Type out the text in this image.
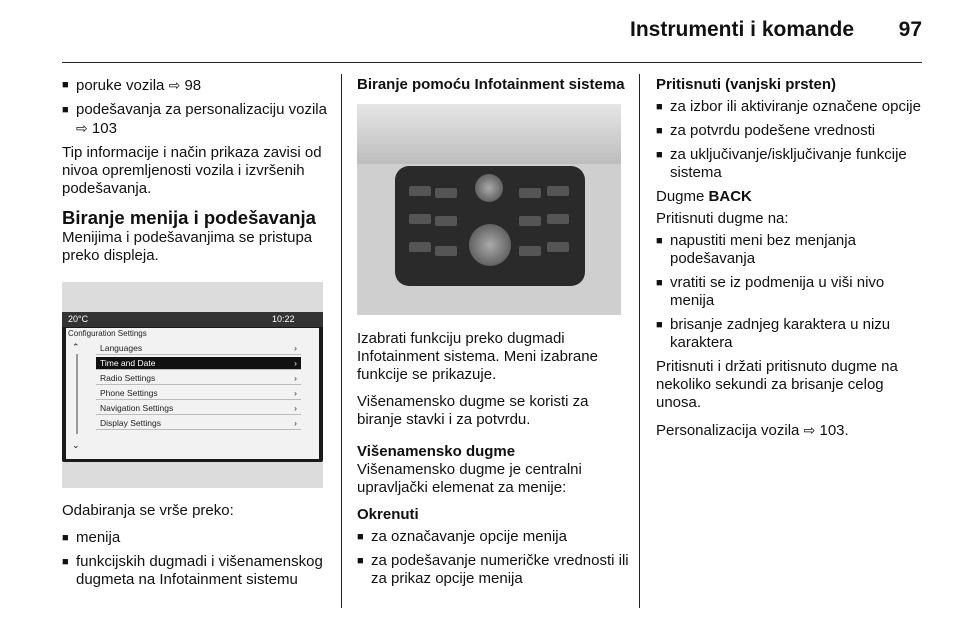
Instrumenti i komande	97
■ poruke vozila ⇨ 98
■ podešavanja za personalizaciju vozila ⇨ 103

Tip informacije i način prikaza zavisi od nivoa opremljenosti vozila i izvršenih podešavanja.

Biranje menija i podešavanja

Menijima i podešavanjima se pristupa preko displeja.

20°C	10:22
Configuration Settings
⌃
⌄
Languages	›
Time and Date	›
Radio Settings	›
Phone Settings	›
Navigation Settings	›
Display Settings	›

Odabiranja se vrše preko:

■ menija
■ funkcijskih dugmadi i višenamenskog dugmeta na Infotainment sistemu
Biranje pomoću Infotainment sistema

Izabrati funkciju preko dugmadi Infotainment sistema. Meni izabrane funkcije se prikazuje.

Višenamensko dugme se koristi za biranje stavki i za potvrdu.

Višenamensko dugme

Višenamensko dugme je centralni upravljački elemenat za menije:

Okrenuti
■ za označavanje opcije menija
■ za podešavanje numeričke vrednosti ili za prikaz opcije menija
Pritisnuti (vanjski prsten)
■ za izbor ili aktiviranje označene opcije
■ za potvrdu podešene vrednosti
■ za uključivanje/isključivanje funkcije sistema

Dugme BACK

Pritisnuti dugme na:

■ napustiti meni bez menjanja podešavanja
■ vratiti se iz podmenija u viši nivo menija
■ brisanje zadnjeg karaktera u nizu karaktera

Pritisnuti i držati pritisnuto dugme na nekoliko sekundi za brisanje celog unosa.

Personalizacija vozila ⇨ 103.
